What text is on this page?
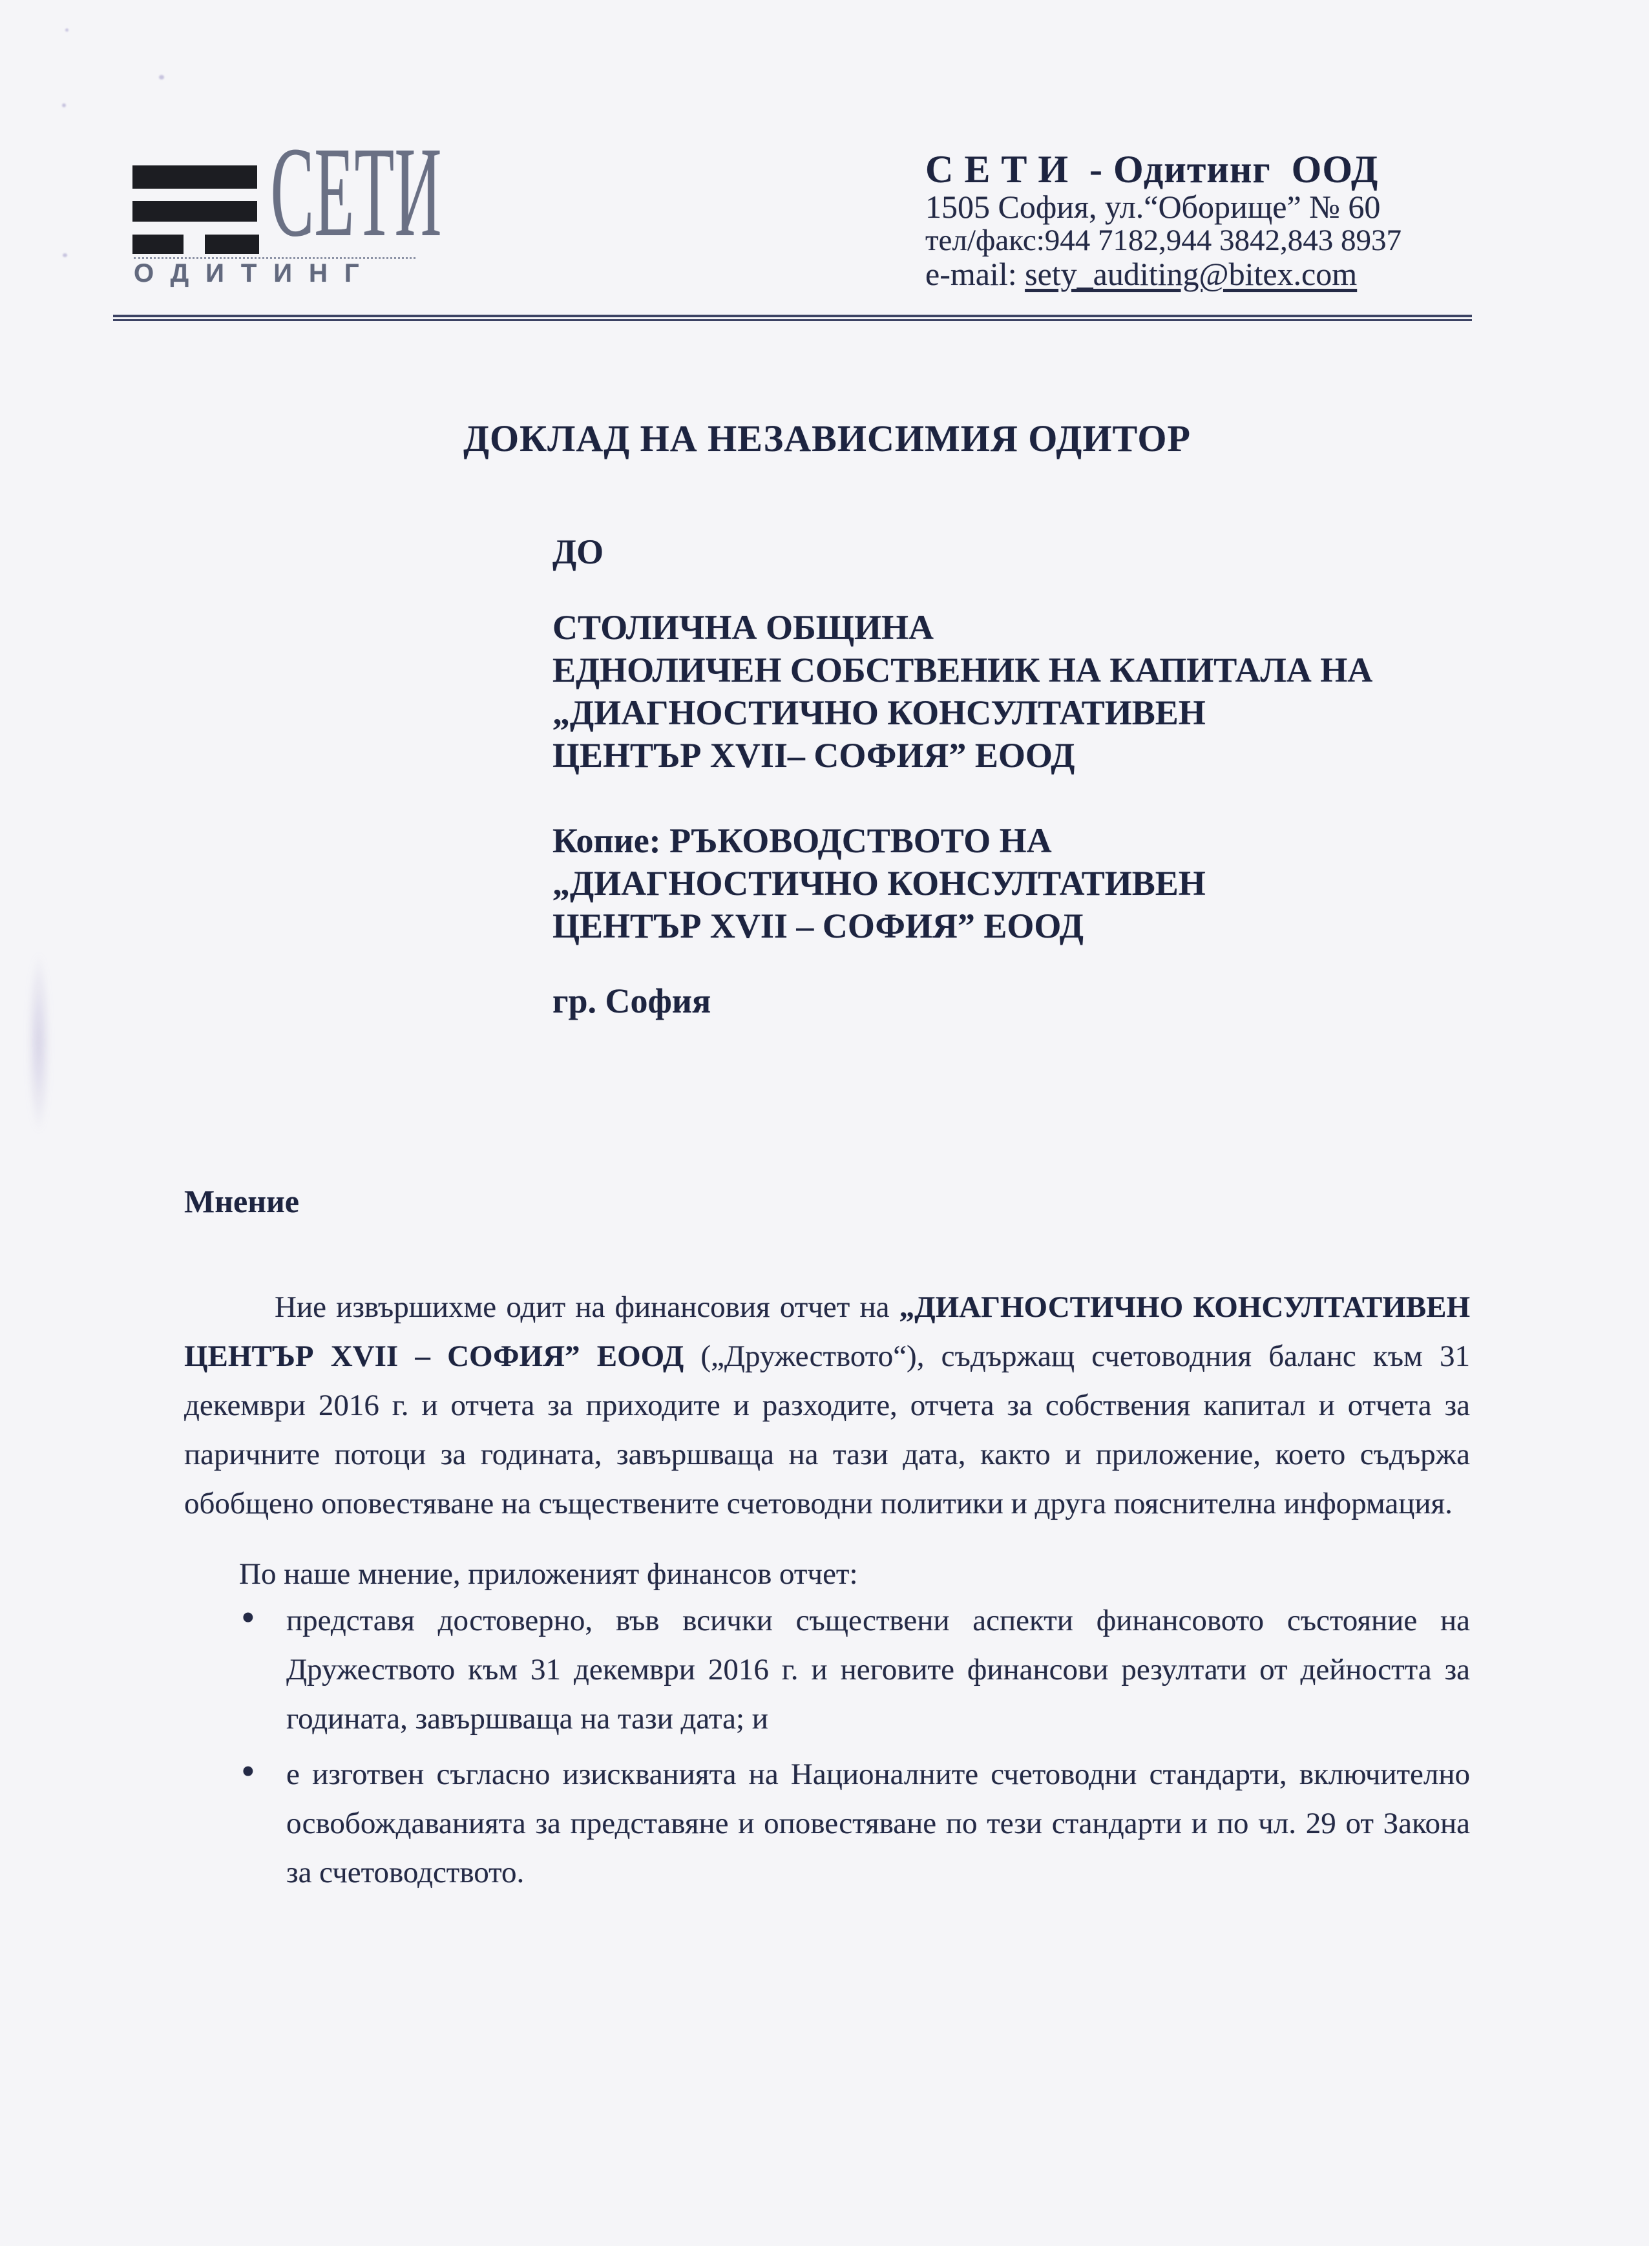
СЕТИ
ОДИТИНГ
С Е Т И  - Одитинг  ООД
1505 София, ул.“Оборище” № 60
тел/факс:944 7182,944 3842,843 8937
e-mail: sety_auditing@bitex.com
ДОКЛАД НА НЕЗАВИСИМИЯ ОДИТОР
ДО
СТОЛИЧНА ОБЩИНА
ЕДНОЛИЧЕН СОБСТВЕНИК НА КАПИТАЛА НА
„ДИАГНОСТИЧНО КОНСУЛТАТИВЕН
ЦЕНТЪР XVII– СОФИЯ” ЕООД
Копие: РЪКОВОДСТВОТО НА
„ДИАГНОСТИЧНО КОНСУЛТАТИВЕН
ЦЕНТЪР XVII – СОФИЯ” ЕООД
гр. София
Мнение

Ние извършихме одит на финансовия отчет на „ДИАГНОСТИЧНО КОНСУЛТАТИВЕН ЦЕНТЪР XVII – СОФИЯ” ЕООД („Дружеството“), съдържащ счетоводния баланс към 31 декември 2016 г. и отчета за приходите и разходите, отчета за собствения капитал и отчета за паричните потоци за годината, завършваща на тази дата, както и приложение, което съдържа обобщено оповестяване на съществените счетоводни политики и друга пояснителна информация.

По наше мнение, приложеният финансов отчет:
• представя достоверно, във всички съществени аспекти финансовото състояние на Дружеството към 31 декември 2016 г. и неговите финансови резултати от дейността за годината, завършваща на тази дата; и
• е изготвен съгласно изискванията на Националните счетоводни стандарти, включително освобождаванията за представяне и оповестяване по тези стандарти и по чл. 29 от Закона за счетоводството.
